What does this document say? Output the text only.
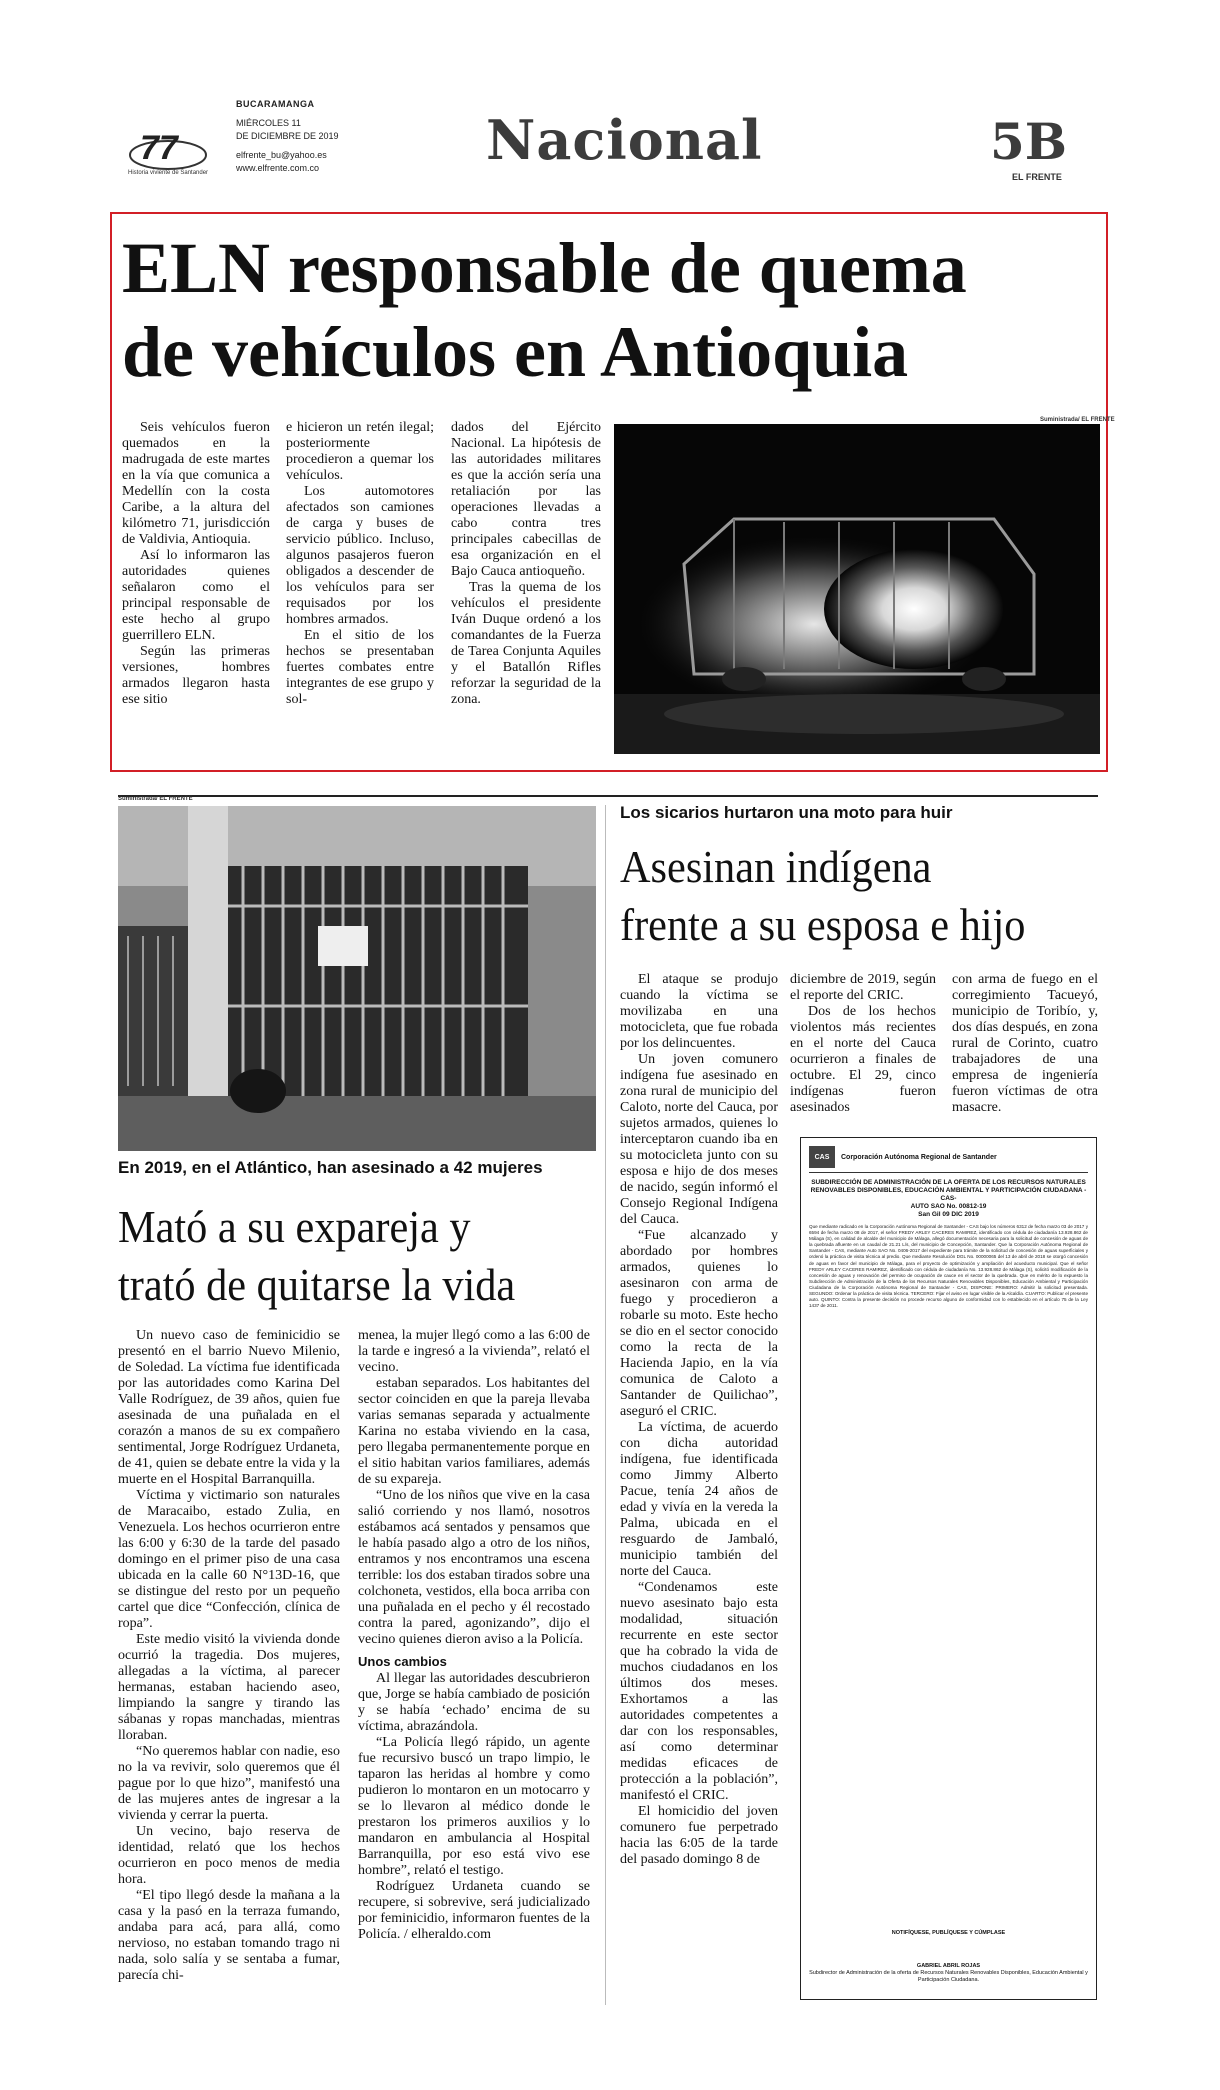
77
Historia viviente de Santander
BUCARAMANGA
MIÉRCOLES 11
DE DICIEMBRE DE 2019
elfrente_bu@yahoo.es
www.elfrente.com.co	Nacional	5B
EL FRENTE
ELN responsable de quema
de vehículos en Antioquia

Seis vehículos fueron quemados en la madrugada de este martes en la vía que comunica a Medellín con la costa Caribe, a la altura del kilómetro 71, jurisdicción de Valdivia, Antioquia.

Así lo informaron las autoridades quienes señalaron como el principal responsable de este hecho al grupo guerrillero ELN.

Según las primeras versiones, hombres armados llegaron hasta ese sitio

e hicieron un retén ilegal; posteriormente procedieron a quemar los vehículos.

Los automotores afectados son camiones de carga y buses de servicio público. Incluso, algunos pasajeros fueron obligados a descender de los vehículos para ser requisados por los hombres armados.

En el sitio de los hechos se presentaban fuertes combates entre integrantes de ese grupo y sol-

dados del Ejército Nacional. La hipótesis de las autoridades militares es que la acción sería una retaliación por las operaciones llevadas a cabo contra tres principales cabecillas de esa organización en el Bajo Cauca antioqueño.

Tras la quema de los vehículos el presidente Iván Duque ordenó a los comandantes de la Fuerza de Tarea Conjunta Aquiles y el Batallón Rifles reforzar la seguridad de la zona.

Suministrada/ EL FRENTE
Suministrada/ EL FRENTE
En 2019, en el Atlántico, han asesinado a 42 mujeres
Mató a su expareja y
trató de quitarse la vida

Un nuevo caso de feminicidio se presentó en el barrio Nuevo Milenio, de Soledad. La víctima fue identificada por las autoridades como Karina Del Valle Rodríguez, de 39 años, quien fue asesinada de una puñalada en el corazón a manos de su ex compañero sentimental, Jorge Rodríguez Urdaneta, de 41, quien se debate entre la vida y la muerte en el Hospital Barranquilla.

Víctima y victimario son naturales de Maracaibo, estado Zulia, en Venezuela. Los hechos ocurrieron entre las 6:00 y 6:30 de la tarde del pasado domingo en el primer piso de una casa ubicada en la calle 60 N°13D-16, que se distingue del resto por un pequeño cartel que dice “Confección, clínica de ropa”.

Este medio visitó la vivienda donde ocurrió la tragedia. Dos mujeres, allegadas a la víctima, al parecer hermanas, estaban haciendo aseo, limpiando la sangre y tirando las sábanas y ropas manchadas, mientras lloraban.

“No queremos hablar con nadie, eso no la va revivir, solo queremos que él pague por lo que hizo”, manifestó una de las mujeres antes de ingresar a la vivienda y cerrar la puerta.

Un vecino, bajo reserva de identidad, relató que los hechos ocurrieron en poco menos de media hora.

“El tipo llegó desde la mañana a la casa y la pasó en la terraza fumando, andaba para acá, para allá, como nervioso, no estaban tomando trago ni nada, solo salía y se sentaba a fumar, parecía chi-

menea, la mujer llegó como a las 6:00 de la tarde e ingresó a la vivienda”, relató el vecino.

estaban separados. Los habitantes del sector coinciden en que la pareja llevaba varias semanas separada y actualmente Karina no estaba viviendo en la casa, pero llegaba permanentemente porque en el sitio habitan varios familiares, además de su expareja.

“Uno de los niños que vive en la casa salió corriendo y nos llamó, nosotros estábamos acá sentados y pensamos que le había pasado algo a otro de los niños, entramos y nos encontramos una escena terrible: los dos estaban tirados sobre una colchoneta, vestidos, ella boca arriba con una puñalada en el pecho y él recostado contra la pared, agonizando”, dijo el vecino quienes dieron aviso a la Policía.

Unos cambios

Al llegar las autoridades descubrieron que, Jorge se había cambiado de posición y se había ‘echado’ encima de su víctima, abrazándola.

“La Policía llegó rápido, un agente fue recursivo buscó un trapo limpio, le taparon las heridas al hombre y como pudieron lo montaron en un motocarro y se lo llevaron al médico donde le prestaron los primeros auxilios y lo mandaron en ambulancia al Hospital Barranquilla, por eso está vivo ese hombre”, relató el testigo.

Rodríguez Urdaneta cuando se recupere, si sobrevive, será judicializado por feminicidio, informaron fuentes de la Policía. / elheraldo.com

Los sicarios hurtaron una moto para huir
Asesinan indígena
frente a su esposa e hijo

El ataque se produjo cuando la víctima se movilizaba en una motocicleta, que fue robada por los delincuentes.

Un joven comunero indígena fue asesinado en zona rural de municipio del Caloto, norte del Cauca, por sujetos armados, quienes lo interceptaron cuando iba en su motocicleta junto con su esposa e hijo de dos meses de nacido, según informó el Consejo Regional Indígena del Cauca.

“Fue alcanzado y abordado por hombres armados, quienes lo asesinaron con arma de fuego y procedieron a robarle su moto. Este hecho se dio en el sector conocido como la recta de la Hacienda Japio, en la vía comunica de Caloto a Santander de Quilichao”, aseguró el CRIC.

La víctima, de acuerdo con dicha autoridad indígena, fue identificada como Jimmy Alberto Pacue, tenía 24 años de edad y vivía en la vereda la Palma, ubicada en el resguardo de Jambaló, municipio también del norte del Cauca.

“Condenamos este nuevo asesinato bajo esta modalidad, situación recurrente en este sector que ha cobrado la vida de muchos ciudadanos en los últimos dos meses. Exhortamos a las autoridades competentes a dar con los responsables, así como determinar medidas eficaces de protección a la población”, manifestó el CRIC.

El homicidio del joven comunero fue perpetrado hacia las 6:05 de la tarde del pasado domingo 8 de

diciembre de 2019, según el reporte del CRIC.

Dos de los hechos violentos más recientes en el norte del Cauca ocurrieron a finales de octubre. El 29, cinco indígenas fueron asesinados

con arma de fuego en el corregimiento Tacueyó, municipio de Toribío, y, dos días después, en zona rural de Corinto, cuatro trabajadores de una empresa de ingeniería fueron víctimas de otra masacre.

CAS	Corporación Autónoma Regional de Santander
SUBDIRECCIÓN DE ADMINISTRACIÓN DE LA OFERTA DE LOS RECURSOS NATURALES RENOVABLES DISPONIBLES, EDUCACIÓN AMBIENTAL Y PARTICIPACIÓN CIUDADANA -CAS-
AUTO SAO No. 00812-19
San Gil 09 DIC 2019
Que mediante radicado en la Corporación Autónoma Regional de Santander - CAS bajo los números 6312 de fecha marzo 03 de 2017 y 6594 de fecha marzo 08 de 2017, el señor FREDY ARLEY CACERES RAMIREZ, identificado con cédula de ciudadanía 13.928.862 de Málaga (S), en calidad de alcalde del municipio de Málaga, allegó documentación necesaria para la solicitud de concesión de aguas de la quebrada afluente en un caudal de 21.21 L/s, del municipio de Concepción, Santander. Que la Corporación Autónoma Regional de Santander - CAS, mediante Auto SAO No. 0406-2017 del expediente para trámite de la solicitud de concesión de aguas superficiales y ordenó la práctica de visita técnica al predio. Que mediante Resolución DGL No. 00000065 del 13 de abril de 2018 se otorgó concesión de aguas en favor del municipio de Málaga, para el proyecto de optimización y ampliación del acueducto municipal. Que el señor FREDY ARLEY CACERES RAMIREZ, identificado con cédula de ciudadanía No. 13.928.862 de Málaga (S), solicitó modificación de la concesión de aguas y renovación del permiso de ocupación de cauce en el sector de la quebrada. Que en mérito de lo expuesto la Subdirección de Administración de la Oferta de los Recursos Naturales Renovables Disponibles, Educación Ambiental y Participación Ciudadana de la Corporación Autónoma Regional de Santander - CAS, DISPONE: PRIMERO: Admitir la solicitud presentada. SEGUNDO: Ordenar la práctica de visita técnica. TERCERO: Fijar el aviso en lugar visible de la Alcaldía. CUARTO: Publicar el presente auto. QUINTO: Contra la presente decisión no procede recurso alguno de conformidad con lo establecido en el artículo 75 de la Ley 1437 de 2011.
NOTIFÍQUESE, PUBLÍQUESE Y CÚMPLASE
GABRIEL ABRIL ROJAS
Subdirector de Administración de la oferta de Recursos Naturales Renovables Disponibles, Educación Ambiental y Participación Ciudadana.
